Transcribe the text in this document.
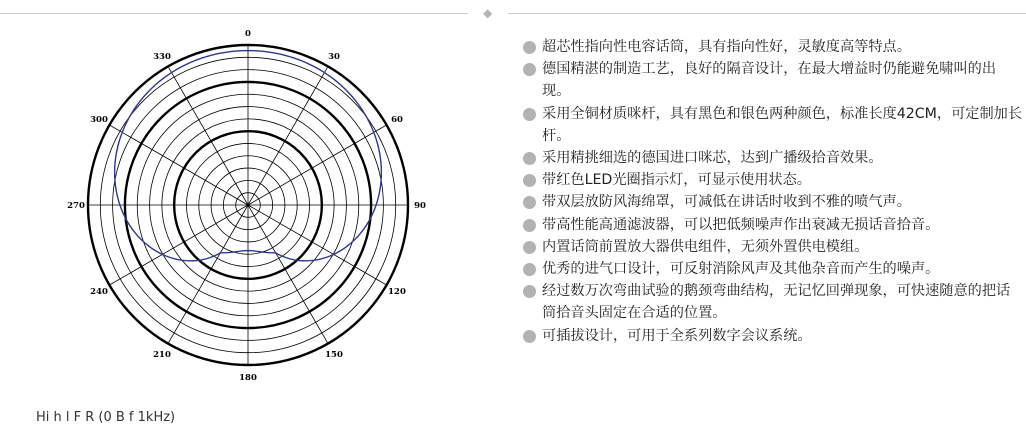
◆
0
30
60
90
120
150
180
210
240
270
300
330
超芯性指向性电容话筒，具有指向性好，灵敏度高等特点。
德国精湛的制造工艺，良好的隔音设计，在最大增益时仍能避免啸叫的出现。
采用全铜材质咪杆，具有黑色和银色两种颜色，标准长度42CM，可定制加长杆。
采用精挑细选的德国进口咪芯，达到广播级拾音效果。
带红色LED光圈指示灯，可显示使用状态。
带双层放防风海绵罩，可减低在讲话时收到不雅的喷气声。
带高性能高通滤波器，可以把低频噪声作出衰减无损话音拾音。
内置话筒前置放大器供电组件，无须外置供电模组。
优秀的进气口设计，可反射消除风声及其他杂音而产生的噪声。
经过数万次弯曲试验的鹅颈弯曲结构，无记忆回弹现象，可快速随意的把话筒拾音头固定在合适的位置。
可插拔设计，可用于全系列数字会议系统。
Hi h l F R (0 B f 1kHz)
